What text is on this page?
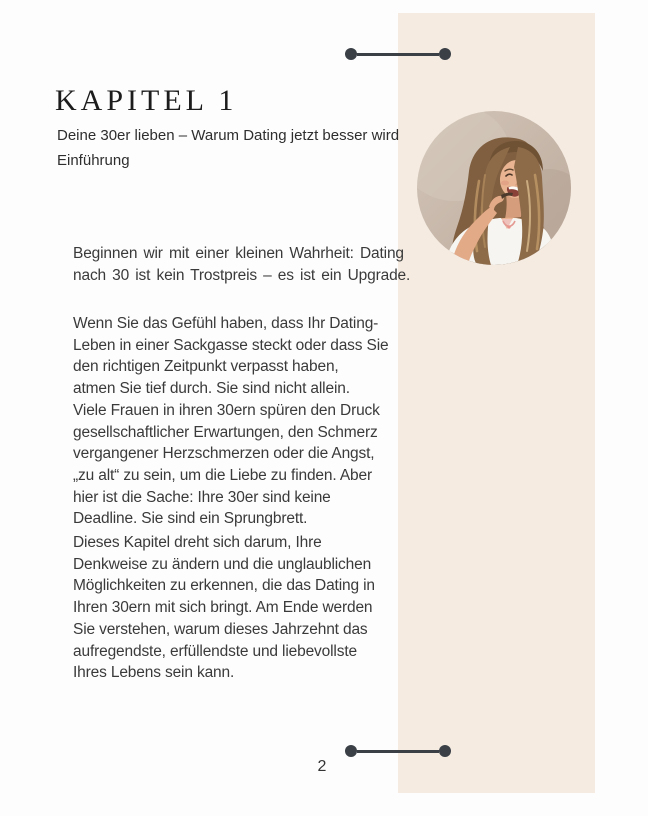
KAPITEL 1
Deine 30er lieben – Warum Dating jetzt besser wird
Einführung
Beginnen wir mit einer kleinen Wahrheit: Dating
nach 30 ist kein Trostpreis – es ist ein Upgrade.
Wenn Sie das Gefühl haben, dass Ihr Dating-
Leben in einer Sackgasse steckt oder dass Sie
den richtigen Zeitpunkt verpasst haben,
atmen Sie tief durch. Sie sind nicht allein.
Viele Frauen in ihren 30ern spüren den Druck
gesellschaftlicher Erwartungen, den Schmerz
vergangener Herzschmerzen oder die Angst,
„zu alt“ zu sein, um die Liebe zu finden. Aber
hier ist die Sache: Ihre 30er sind keine
Deadline. Sie sind ein Sprungbrett.
Dieses Kapitel dreht sich darum, Ihre
Denkweise zu ändern und die unglaublichen
Möglichkeiten zu erkennen, die das Dating in
Ihren 30ern mit sich bringt. Am Ende werden
Sie verstehen, warum dieses Jahrzehnt das
aufregendste, erfüllendste und liebevollste
Ihres Lebens sein kann.
2
